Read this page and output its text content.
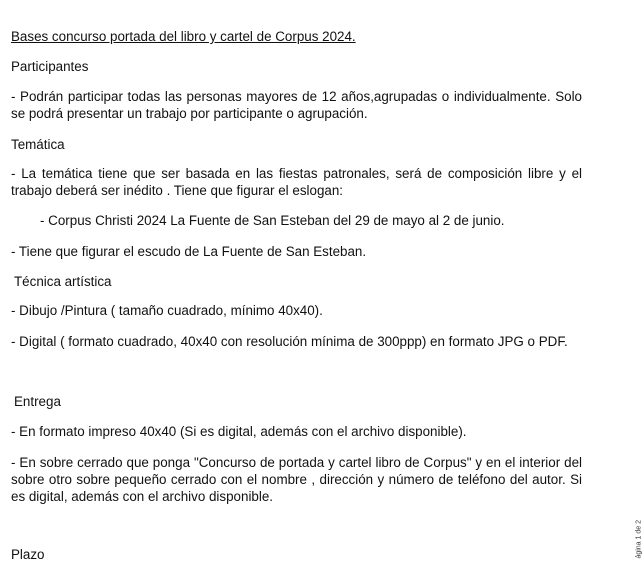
Bases concurso portada del libro y cartel de Corpus 2024.
Participantes
- Podrán participar todas las personas mayores de 12 años,agrupadas o individualmente. Solo se podrá presentar un trabajo por participante o agrupación.
Temática
- La temática tiene que ser basada en las fiestas patronales, será de composición libre y el trabajo deberá ser inédito . Tiene que figurar el eslogan:
- Corpus Christi 2024 La Fuente de San Esteban del 29 de mayo al 2 de junio.
- Tiene que figurar el escudo de La Fuente de San Esteban.
Técnica artística
- Dibujo /Pintura ( tamaño cuadrado, mínimo 40x40).
- Digital ( formato cuadrado, 40x40 con resolución mínima de 300ppp) en formato JPG o PDF.
Entrega
- En formato impreso 40x40 (Si es digital, además con el archivo disponible).
- En sobre cerrado que ponga "Concurso de portada y cartel libro de Corpus" y en el interior del sobre otro sobre pequeño cerrado con el nombre , dirección y número de teléfono del autor. Si es digital, además con el archivo disponible.
Plazo	ágina 1 de 2
